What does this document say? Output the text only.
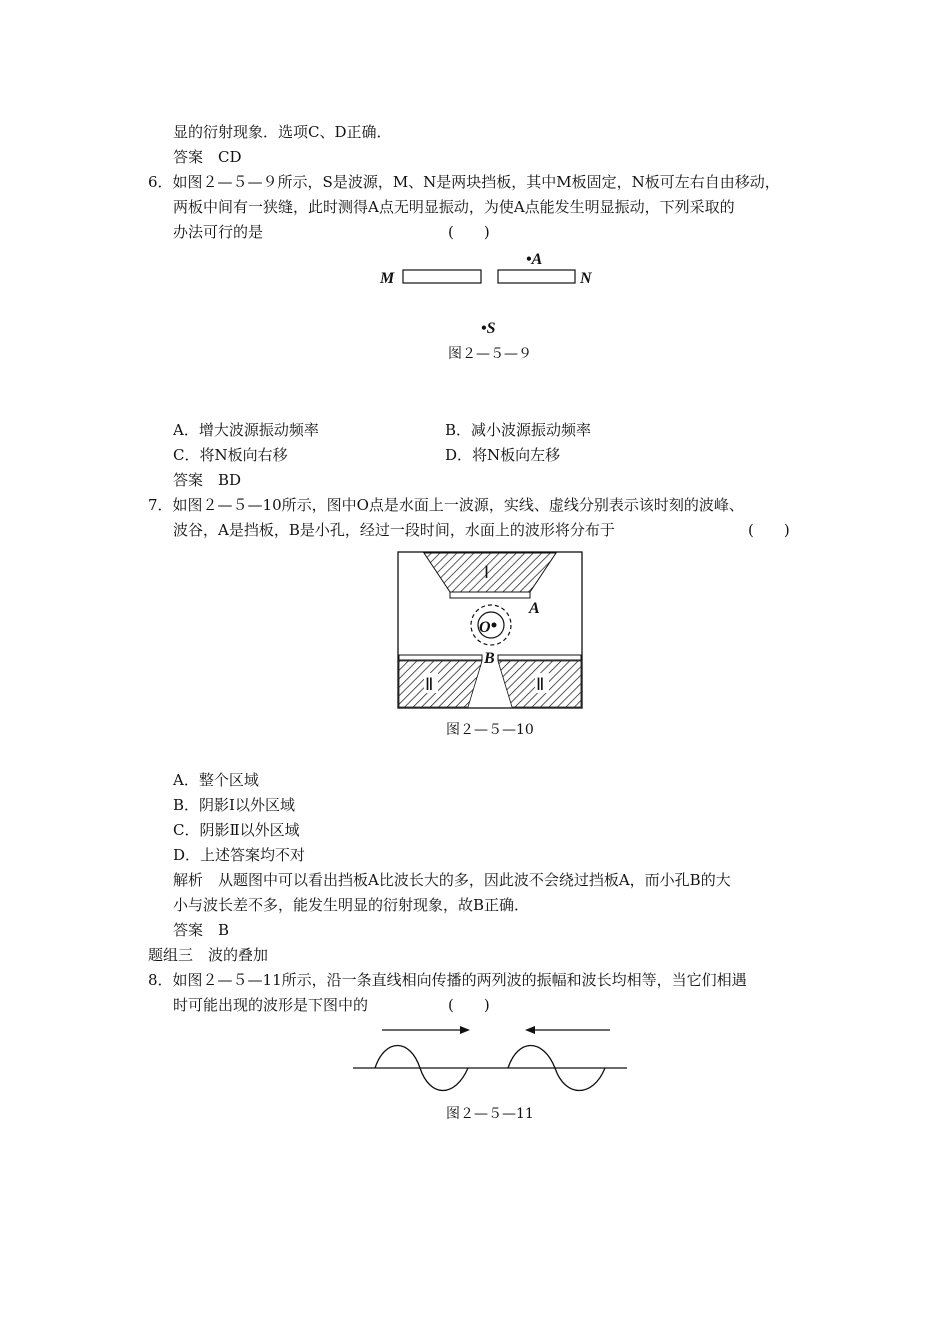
显的衍射现象．选项C、D正确．
答案　CD
6．如图２—５—９所示，S是波源，M、N是两块挡板，其中M板固定，N板可左右自由移动，
两板中间有一狭缝，此时测得A点无明显振动，为使A点能发生明显振动，下列采取的
办法可行的是	(　　)
M	N
•A
•S
图２—５—９
A．增大波源振动频率	B．减小波源振动频率
C．将N板向右移	D．将N板向左移
答案　BD
7．如图２—５—10所示，图中O点是水面上一波源，实线、虚线分别表示该时刻的波峰、
波谷，A是挡板，B是小孔，经过一段时间，水面上的波形将分布于	(　　)
Ⅰ
A
O
B
Ⅱ	Ⅱ
图２—５—10
A．整个区域
B．阴影Ⅰ以外区域
C．阴影Ⅱ以外区域
D．上述答案均不对
解析　从题图中可以看出挡板A比波长大的多，因此波不会绕过挡板A，而小孔B的大
小与波长差不多，能发生明显的衍射现象，故B正确．
答案　B
题组三　波的叠加
8．如图２—５—11所示，沿一条直线相向传播的两列波的振幅和波长均相等，当它们相遇
时可能出现的波形是下图中的	(　　)
图２—５—11
